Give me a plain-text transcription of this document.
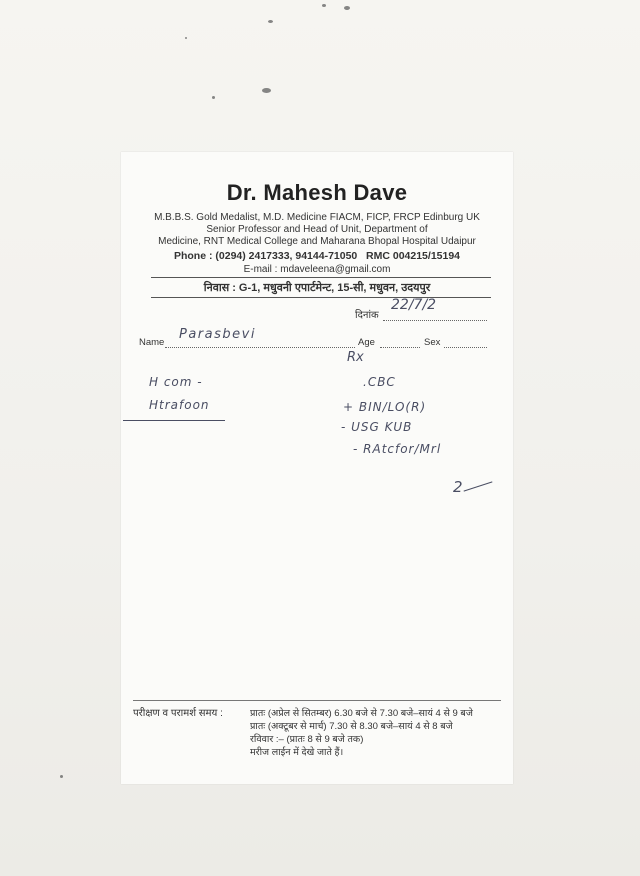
Dr. Mahesh Dave
M.B.B.S. Gold Medalist, M.D. Medicine FIACM, FICP, FRCP Edinburg UK
Senior Professor and Head of Unit, Department of
Medicine, RNT Medical College and Maharana Bhopal Hospital Udaipur
Phone : (0294) 2417333, 94144-71050 RMC 004215/15194
E-mail : mdaveleena@gmail.com
निवास : G-1, मधुवनी एपार्टमेन्ट, 15-सी, मधुवन, उदयपुर
दिनांक
22/7/2
Name
Parasbevi
Age	Sex
Rx
H com -
Htrafoon
.CBC
+ BIN/LO(R)
- USG KUB
- RAtcfor/Mrl
2
परीक्षण व परामर्श समय :	प्रातः (अप्रेल से सितम्बर) 6.30 बजे से 7.30 बजे–सायं 4 से 9 बजे
प्रातः (अक्टूबर से मार्च) 7.30 से 8.30 बजे–सायं 4 से 8 बजे
रविवार :– (प्रातः 8 से 9 बजे तक)
मरीज लाईन में देखे जाते हैं।
